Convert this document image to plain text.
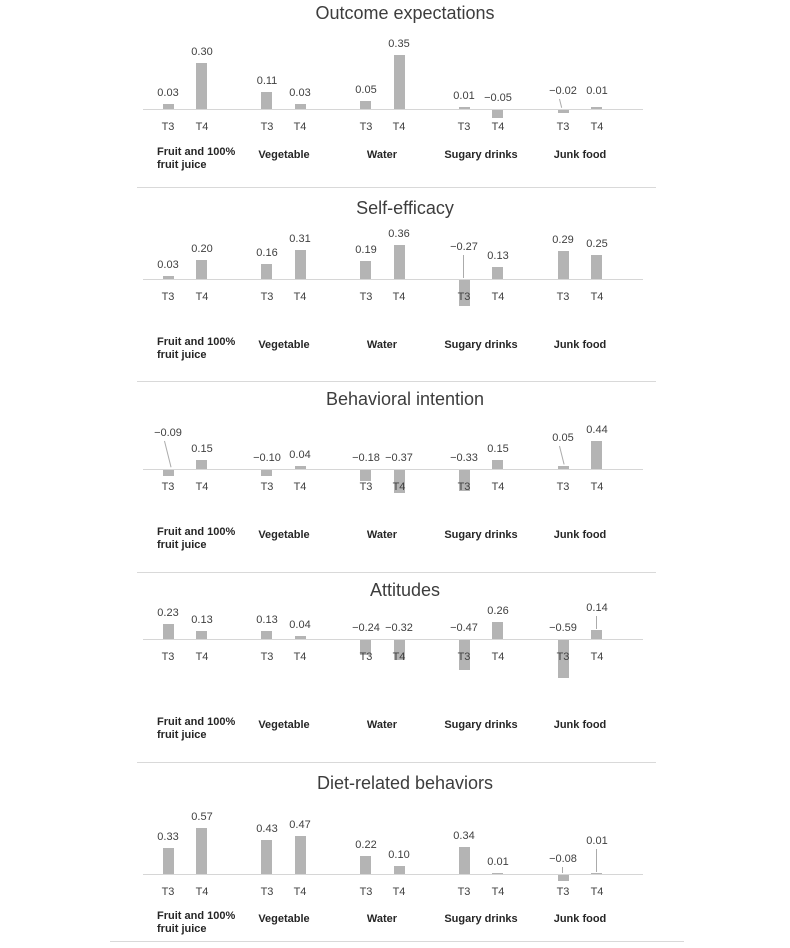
Outcome expectations
0.03
T3
0.30
T4
0.11
T3
0.03
T4
0.05
T3
0.35
T4
0.01
T3
−0.05
T4
−0.02
T3
0.01
T4
Fruit and 100%
fruit juice
Vegetable	Water	Sugary drinks	Junk food
Self-efficacy
0.03
T3
0.20
T4
0.16
T3
0.31
T4
0.19
T3
0.36
T4
−0.27
T3
0.13
T4
0.29
T3
0.25
T4
Fruit and 100%
fruit juice
Vegetable	Water	Sugary drinks	Junk food
Behavioral intention
−0.09
T3
0.15
T4
−0.10
T3
0.04
T4
−0.18
T3
−0.37
T4
−0.33
T3
0.15
T4
0.05
T3
0.44
T4
Fruit and 100%
fruit juice
Vegetable	Water	Sugary drinks	Junk food
Attitudes
0.23
T3
0.13
T4
0.13
T3
0.04
T4
−0.24
T3
−0.32
T4
−0.47
T3
0.26
T4
−0.59
T3
0.14
T4
Fruit and 100%
fruit juice
Vegetable	Water	Sugary drinks	Junk food
Diet-related behaviors
0.33
T3
0.57
T4
0.43
T3
0.47
T4
0.22
T3
0.10
T4
0.34
T3
0.01
T4
−0.08
T3
0.01
T4
Fruit and 100%
fruit juice
Vegetable	Water	Sugary drinks	Junk food
